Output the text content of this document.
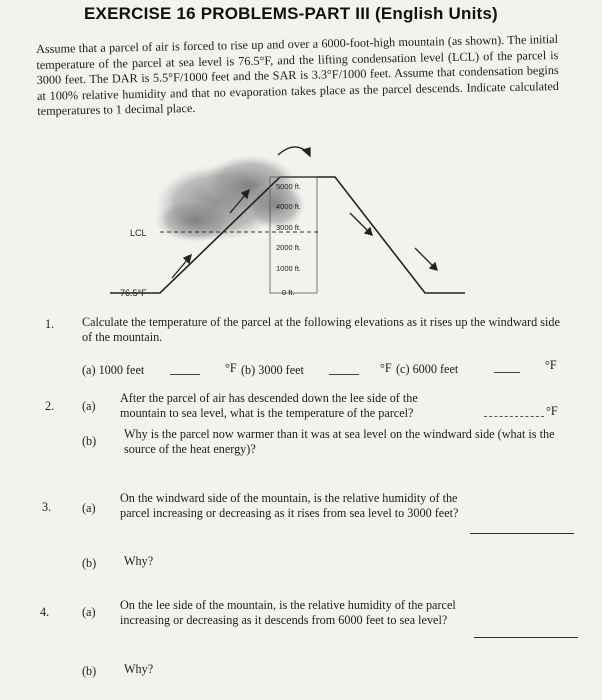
EXERCISE 16 PROBLEMS-PART III (English Units)
Assume that a parcel of air is forced to rise up and over a 6000-foot-high mountain (as shown). The initial temperature of the parcel at sea level is 76.5°F, and the lifting condensation level (LCL) of the parcel is 3000 feet. The DAR is 5.5°F/1000 feet and the SAR is 3.3°F/1000 feet. Assume that condensation begins at 100% relative humidity and that no evaporation takes place as the parcel descends. Indicate calculated temperatures to 1 decimal place.
LCL
76.5°F
5000 ft.
4000 ft.
3000 ft.
2000 ft.
1000 ft.
0 ft.
1. Calculate the temperature of the parcel at the following elevations as it rises up the windward side of the mountain.
(a) 1000 feet	°F (b) 3000 feet	°F (c) 6000 feet	°F
2. (a)
After the parcel of air has descended down the lee side of the mountain to sea level, what is the temperature of the parcel?	°F
(b) Why is the parcel now warmer than it was at sea level on the windward side (what is the source of the heat energy)?
3.	(a)
On the windward side of the mountain, is the relative humidity of the parcel increasing or decreasing as it rises from sea level to 3000 feet?
(b) Why?
4.	(a) On the lee side of the mountain, is the relative humidity of the parcel increasing or decreasing as it descends from 6000 feet to sea level?
(b) Why?
